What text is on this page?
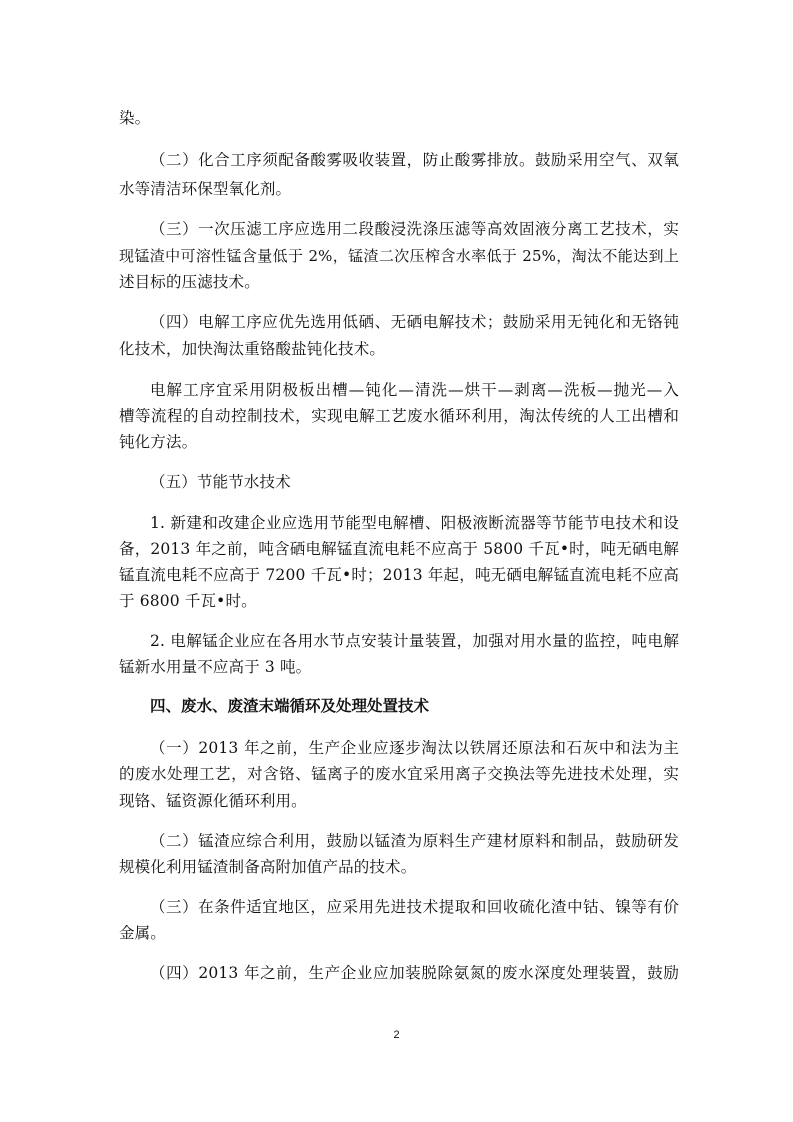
染。
（二）化合工序须配备酸雾吸收装置，防止酸雾排放。鼓励采用空气、双氧
水等清洁环保型氧化剂。
（三）一次压滤工序应选用二段酸浸洗涤压滤等高效固液分离工艺技术，实
现锰渣中可溶性锰含量低于 2%，锰渣二次压榨含水率低于 25%，淘汰不能达到上
述目标的压滤技术。
（四）电解工序应优先选用低硒、无硒电解技术；鼓励采用无钝化和无铬钝
化技术，加快淘汰重铬酸盐钝化技术。
电解工序宜采用阴极板出槽—钝化—清洗—烘干—剥离—洗板—抛光—入
槽等流程的自动控制技术，实现电解工艺废水循环利用，淘汰传统的人工出槽和
钝化方法。
（五）节能节水技术
1. 新建和改建企业应选用节能型电解槽、阳极液断流器等节能节电技术和设
备，2013 年之前，吨含硒电解锰直流电耗不应高于 5800 千瓦•时，吨无硒电解
锰直流电耗不应高于 7200 千瓦•时；2013 年起，吨无硒电解锰直流电耗不应高
于 6800 千瓦•时。
2. 电解锰企业应在各用水节点安装计量装置，加强对用水量的监控，吨电解
锰新水用量不应高于 3 吨。
四、废水、废渣末端循环及处理处置技术
（一）2013 年之前，生产企业应逐步淘汰以铁屑还原法和石灰中和法为主
的废水处理工艺，对含铬、锰离子的废水宜采用离子交换法等先进技术处理，实
现铬、锰资源化循环利用。
（二）锰渣应综合利用，鼓励以锰渣为原料生产建材原料和制品，鼓励研发
规模化利用锰渣制备高附加值产品的技术。
（三）在条件适宜地区，应采用先进技术提取和回收硫化渣中钴、镍等有价
金属。
（四）2013 年之前，生产企业应加装脱除氨氮的废水深度处理装置，鼓励
2
